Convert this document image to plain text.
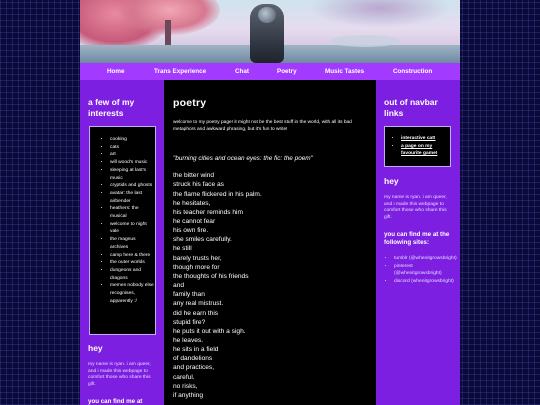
Home	Trans Experience	Chat	Poetry	Music Tastes	Construction
a few of my interests
• cooking
• cats
• art
• will wood's music
• sleeping at last's music
• cryptids and ghosts
• avatar: the last airbender
• heathers: the musical
• welcome to night vale
• the magnus archives
• camp here & there
• the outer worlds
• dungeons and dragons
• memes nobody else recognises, apparently :/
hey
my name is ryan. i am queer, and i made this webpage to comfort those who share this gift.
you can find me at
poetry

welcome to my poetry page! it might not be the best stuff in the world, with all its bad metaphors and awkward phrasing, but it's fun to write!

"burning cities and ocean eyes: the fic: the poem"

the bitter wind
struck his face as
the flame flickered in his palm.
he hesitates,
his teacher reminds him
he cannot fear
his own fire.
she smiles carefully.
he still
barely trusts her,
though more for
the thoughts of his friends
and
family than
any real mistrust.
did he earn this
stupid fire?
he puts it out with a sigh.
he leaves.
he sits in a field
of dandelions
and practices,
careful.
no risks,
if anything
out of navbar links
• interactive cat!
• a page on my favourite game!
hey
my name is ryan. i am queer, and i made this webpage to comfort those who share this gift.
you can find me at the following sites:
• tumblr (@whenitgrowsbright)
• pinterest (@whenitgrowsbright)
• discord (whenitgrowsbright)
